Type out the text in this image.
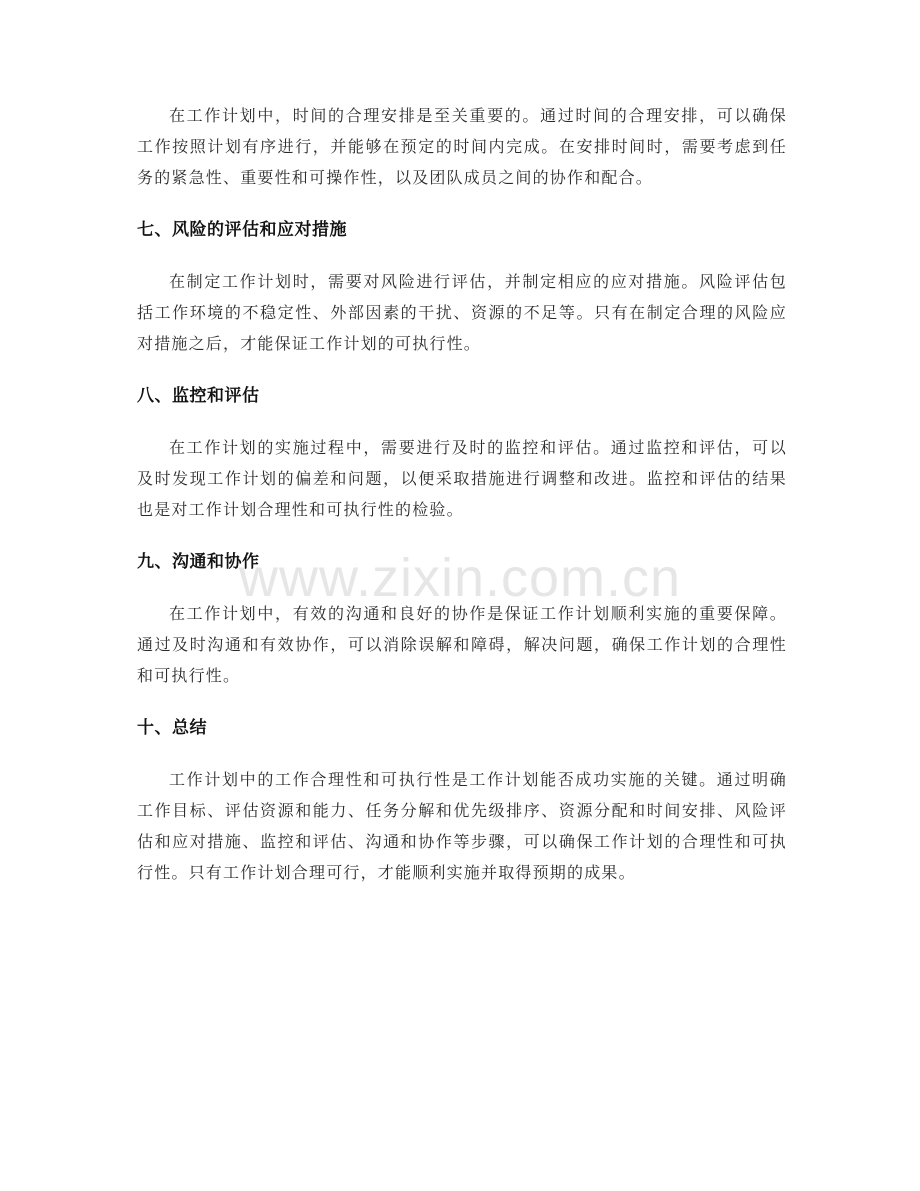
在工作计划中，时间的合理安排是至关重要的。通过时间的合理安排，可以确保工作按照计划有序进行，并能够在预定的时间内完成。在安排时间时，需要考虑到任务的紧急性、重要性和可操作性，以及团队成员之间的协作和配合。

七、风险的评估和应对措施

在制定工作计划时，需要对风险进行评估，并制定相应的应对措施。风险评估包括工作环境的不稳定性、外部因素的干扰、资源的不足等。只有在制定合理的风险应对措施之后，才能保证工作计划的可执行性。

八、监控和评估

在工作计划的实施过程中，需要进行及时的监控和评估。通过监控和评估，可以及时发现工作计划的偏差和问题，以便采取措施进行调整和改进。监控和评估的结果也是对工作计划合理性和可执行性的检验。

九、沟通和协作

在工作计划中，有效的沟通和良好的协作是保证工作计划顺利实施的重要保障。通过及时沟通和有效协作，可以消除误解和障碍，解决问题，确保工作计划的合理性和可执行性。

十、总结

工作计划中的工作合理性和可执行性是工作计划能否成功实施的关键。通过明确工作目标、评估资源和能力、任务分解和优先级排序、资源分配和时间安排、风险评估和应对措施、监控和评估、沟通和协作等步骤，可以确保工作计划的合理性和可执行性。只有工作计划合理可行，才能顺利实施并取得预期的成果。

www.zixin.com.cn
